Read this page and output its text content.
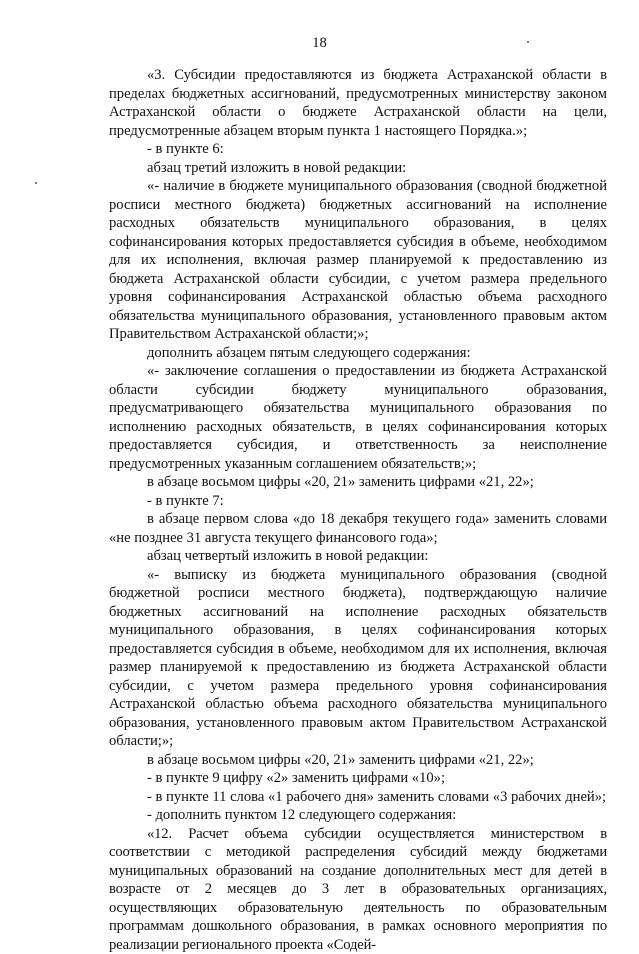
18

«3. Субсидии предоставляются из бюджета Астраханской области в пределах бюджетных ассигнований, предусмотренных министерству законом Астраханской области о бюджете Астраханской области на цели, предусмотренные абзацем вторым пункта 1 настоящего Порядка.»;

- в пункте 6:

абзац третий изложить в новой редакции:

«- наличие в бюджете муниципального образования (сводной бюджетной росписи местного бюджета) бюджетных ассигнований на исполнение расходных обязательств муниципального образования, в целях софинансирования которых предоставляется субсидия в объеме, необходимом для их исполнения, включая размер планируемой к предоставлению из бюджета Астраханской области субсидии, с учетом размера предельного уровня софинансирования Астраханской областью объема расходного обязательства муниципального образования, установленного правовым актом Правительством Астраханской области;»;

дополнить абзацем пятым следующего содержания:

«- заключение соглашения о предоставлении из бюджета Астраханской области субсидии бюджету муниципального образования, предусматривающего обязательства муниципального образования по исполнению расходных обязательств, в целях софинансирования которых предоставляется субсидия, и ответственность за неисполнение предусмотренных указанным соглашением обязательств;»;

в абзаце восьмом цифры «20, 21» заменить цифрами «21, 22»;

- в пункте 7:

в абзаце первом слова «до 18 декабря текущего года» заменить словами «не позднее 31 августа текущего финансового года»;

абзац четвертый изложить в новой редакции:

«- выписку из бюджета муниципального образования (сводной бюджетной росписи местного бюджета), подтверждающую наличие бюджетных ассигнований на исполнение расходных обязательств муниципального образования, в целях софинансирования которых предоставляется субсидия в объеме, необходимом для их исполнения, включая размер планируемой к предоставлению из бюджета Астраханской области субсидии, с учетом размера предельного уровня софинансирования Астраханской областью объема расходного обязательства муниципального образования, установленного правовым актом Правительством Астраханской области;»;

в абзаце восьмом цифры «20, 21» заменить цифрами «21, 22»;

- в пункте 9 цифру «2» заменить цифрами «10»;

- в пункте 11 слова «1 рабочего дня» заменить словами «3 рабочих дней»;

- дополнить пунктом 12 следующего содержания:

«12. Расчет объема субсидии осуществляется министерством в соответствии с методикой распределения субсидий между бюджетами муниципальных образований на создание дополнительных мест для детей в возрасте от 2 месяцев до 3 лет в образовательных организациях, осуществляющих образовательную деятельность по образовательным программам дошкольного образования, в рамках основного мероприятия по реализации регионального проекта «Содей-
